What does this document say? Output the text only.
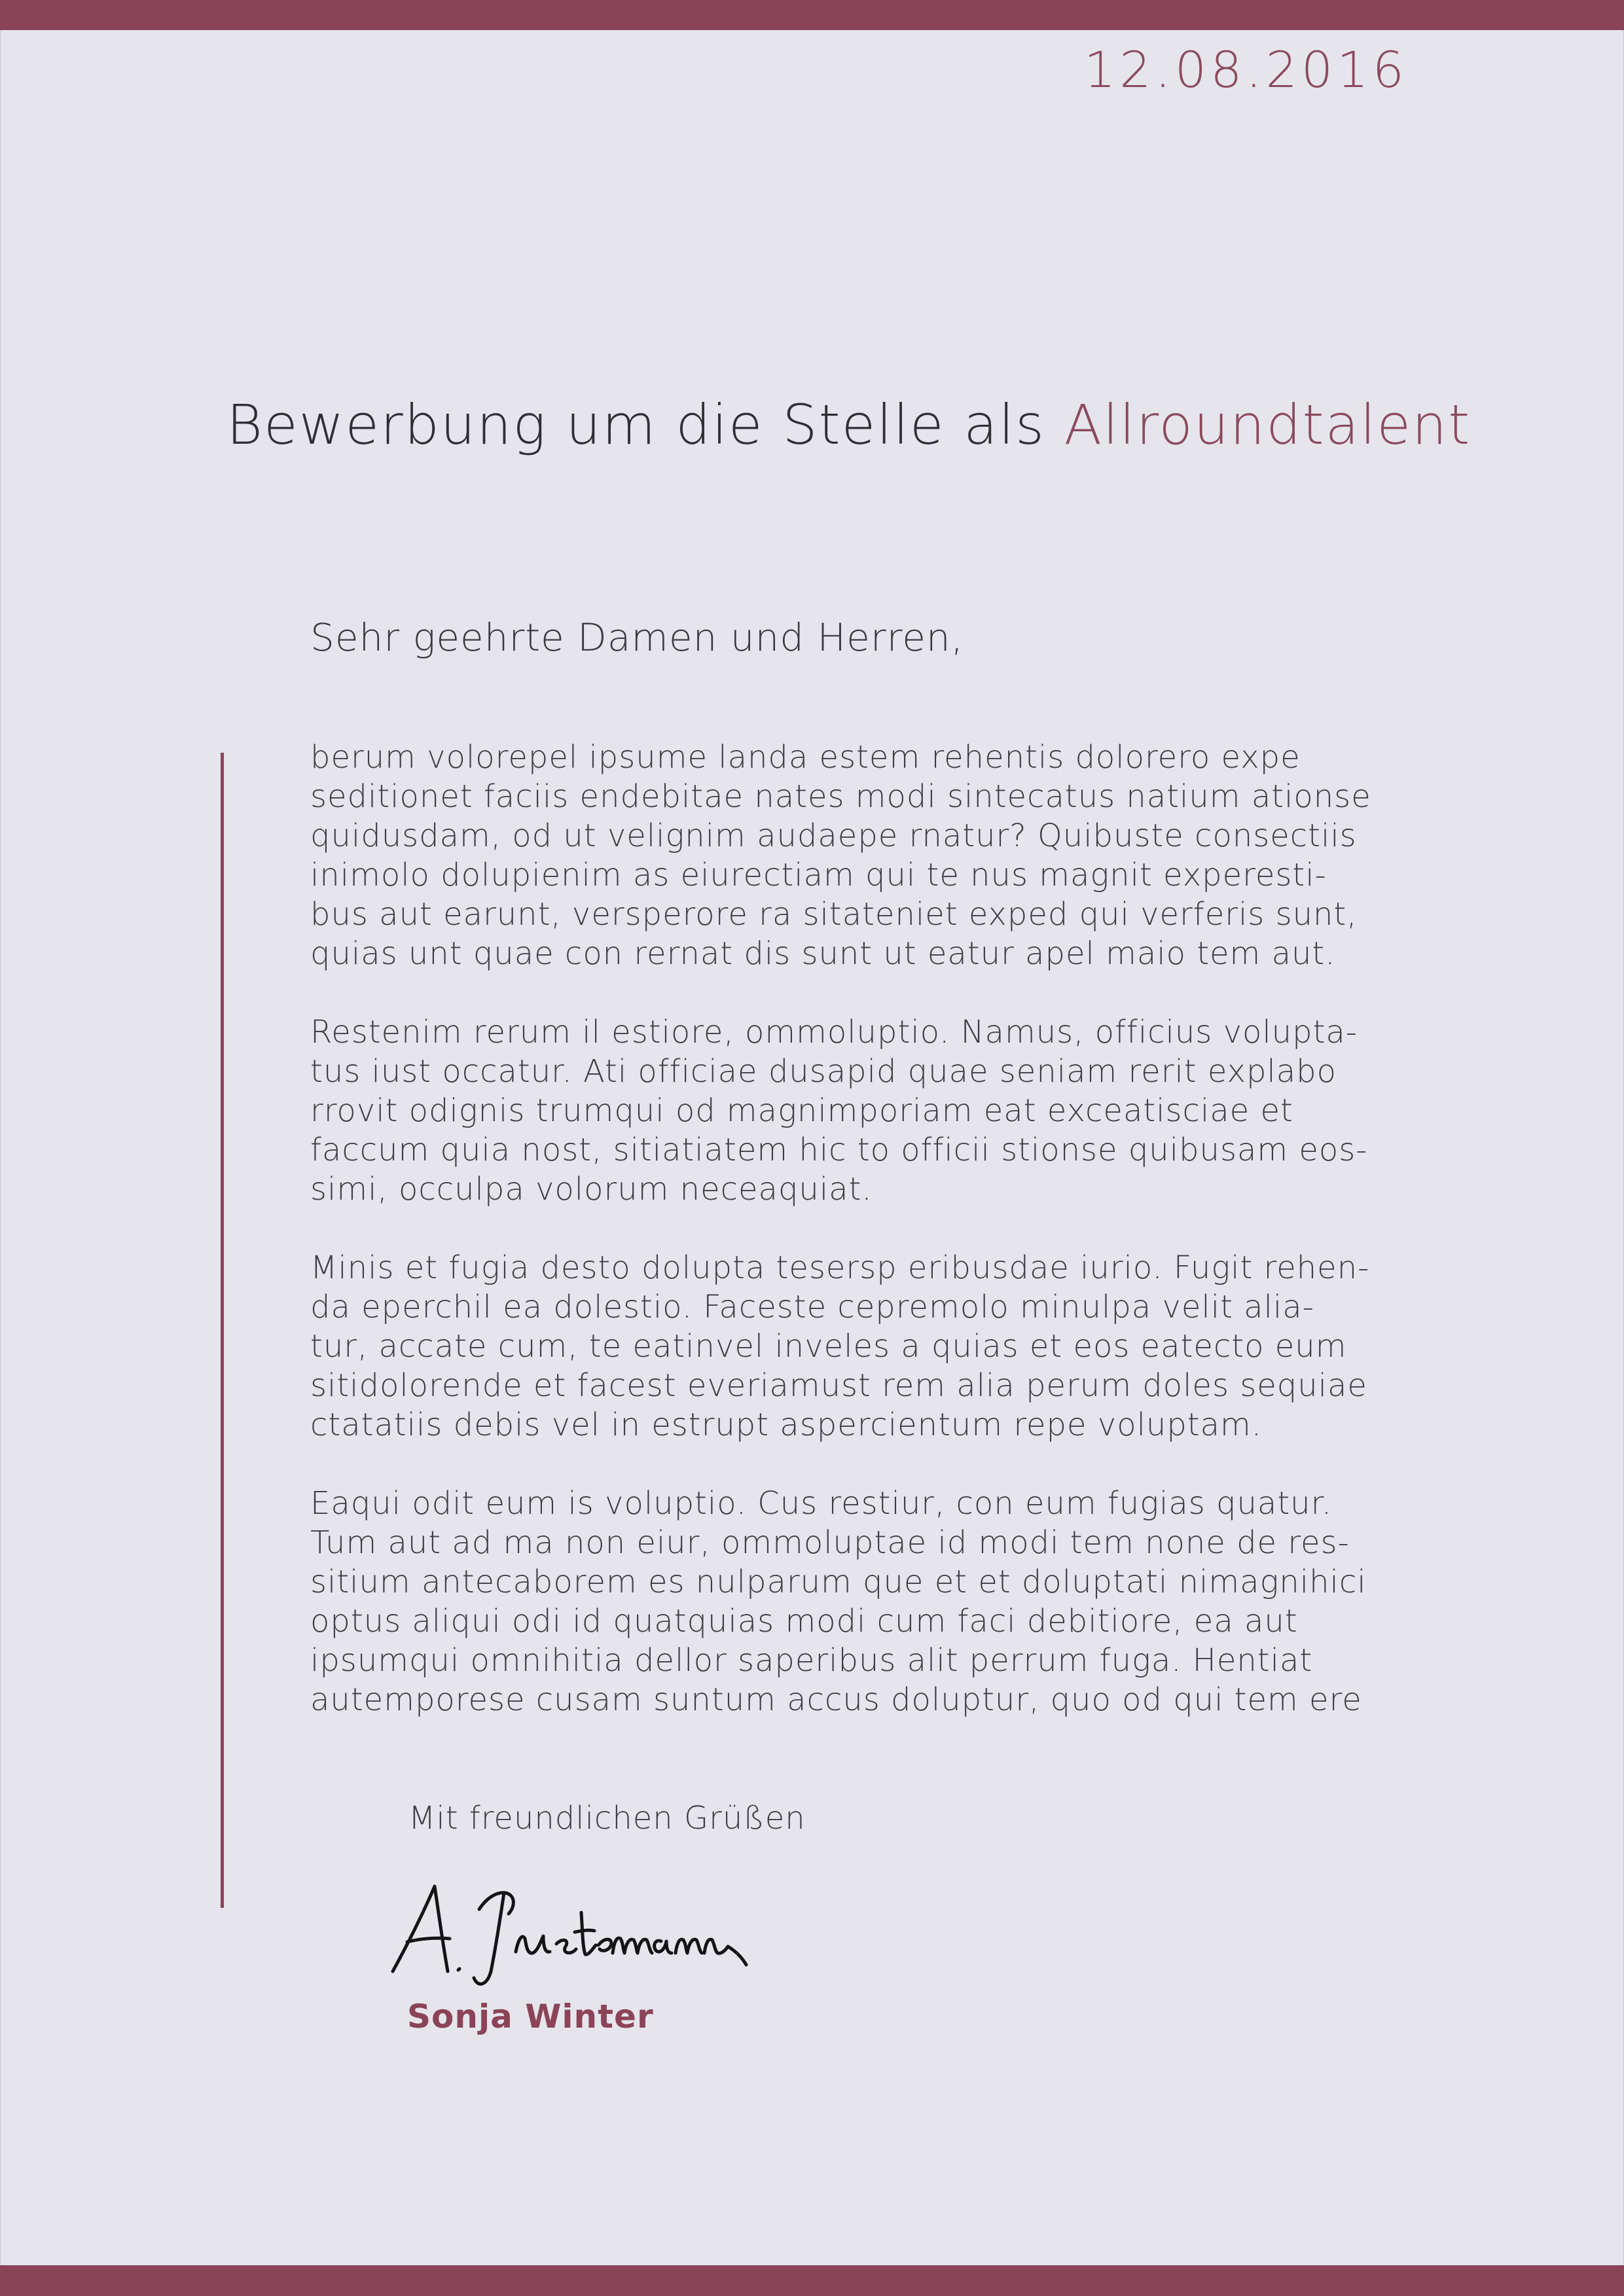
12.08.2016
Bewerbung um die Stelle als Allroundtalent
Sehr geehrte Damen und Herren,
berum volorepel ipsume landa estem rehentis dolorero expe
seditionet faciis endebitae nates modi sintecatus natium ationse
quidusdam, od ut velignim audaepe rnatur? Quibuste consectiis
inimolo dolupienim as eiurectiam qui te nus magnit experesti-
bus aut earunt, versperore ra sitateniet exped qui verferis sunt,
quias unt quae con rernat dis sunt ut eatur apel maio tem aut.
Restenim rerum il estiore, ommoluptio. Namus, officius volupta-
tus iust occatur. Ati officiae dusapid quae seniam rerit explabo
rrovit odignis trumqui od magnimporiam eat exceatisciae et
faccum quia nost, sitiatiatem hic to officii stionse quibusam eos-
simi, occulpa volorum neceaquiat.
Minis et fugia desto dolupta tesersp eribusdae iurio. Fugit rehen-
da eperchil ea dolestio. Faceste cepremolo minulpa velit alia-
tur, accate cum, te eatinvel inveles a quias et eos eatecto eum
sitidolorende et facest everiamust rem alia perum doles sequiae
ctatatiis debis vel in estrupt aspercientum repe voluptam.
Eaqui odit eum is voluptio. Cus restiur, con eum fugias quatur.
Tum aut ad ma non eiur, ommoluptae id modi tem none de res-
sitium antecaborem es nulparum que et et doluptati nimagnihici
optus aliqui odi id quatquias modi cum faci debitiore, ea aut
ipsumqui omnihitia dellor saperibus alit perrum fuga. Hentiat
autemporese cusam suntum accus doluptur, quo od qui tem ere
Mit freundlichen Grüßen
Sonja Winter
